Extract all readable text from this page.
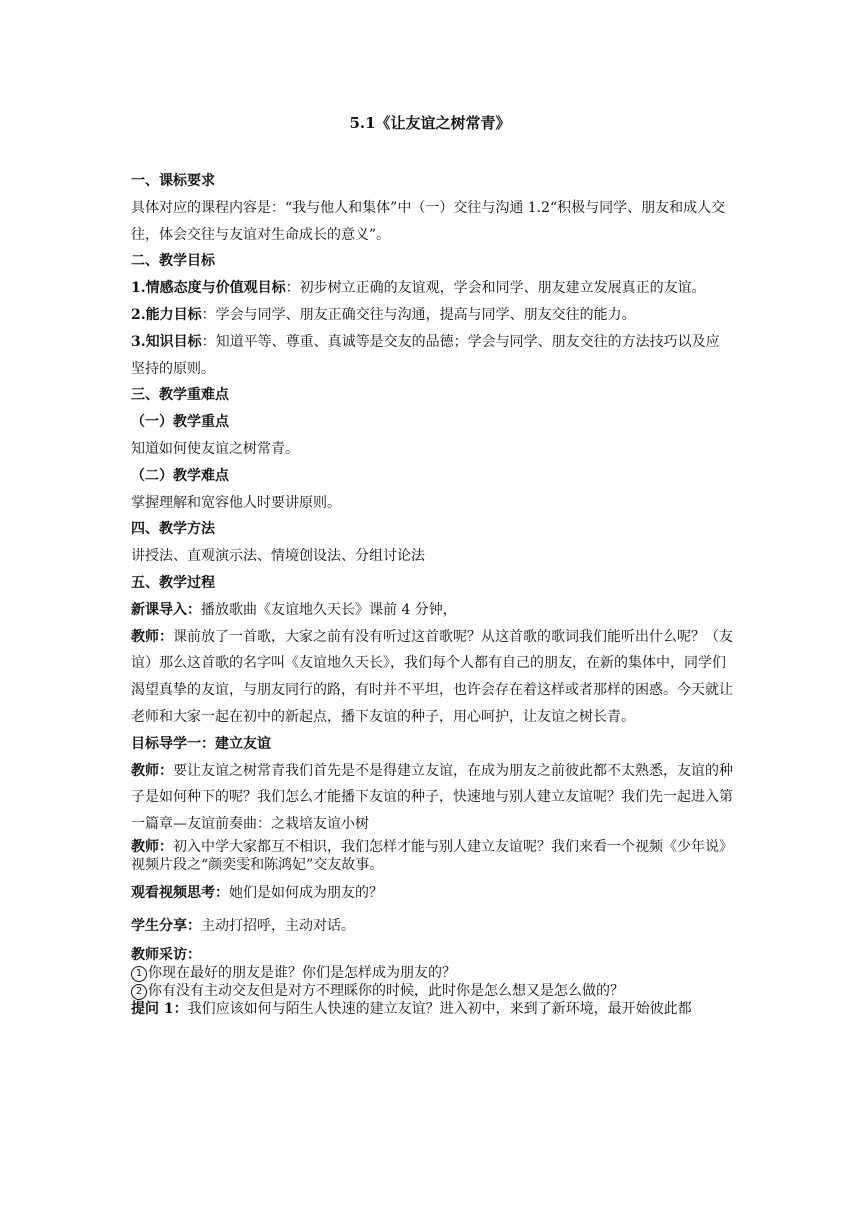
5.1《让友谊之树常青》

一、课标要求

具体对应的课程内容是：“我与他人和集体”中（一）交往与沟通 1.2“积极与同学、朋友和成人交往，体会交往与友谊对生命成长的意义”。

二、教学目标

1.情感态度与价值观目标：初步树立正确的友谊观，学会和同学、朋友建立发展真正的友谊。

2.能力目标：学会与同学、朋友正确交往与沟通，提高与同学、朋友交往的能力。

3.知识目标：知道平等、尊重、真诚等是交友的品德；学会与同学、朋友交往的方法技巧以及应坚持的原则。

三、教学重难点

（一）教学重点

知道如何使友谊之树常青。

（二）教学难点

掌握理解和宽容他人时要讲原则。

四、教学方法

讲授法、直观演示法、情境创设法、分组讨论法

五、教学过程

新课导入：播放歌曲《友谊地久天长》课前 4 分钟，

教师：课前放了一首歌，大家之前有没有听过这首歌呢？从这首歌的歌词我们能听出什么呢？（友谊）那么这首歌的名字叫《友谊地久天长》，我们每个人都有自己的朋友，在新的集体中，同学们渴望真挚的友谊，与朋友同行的路，有时并不平坦，也许会存在着这样或者那样的困惑。今天就让老师和大家一起在初中的新起点，播下友谊的种子，用心呵护，让友谊之树长青。

目标导学一：建立友谊

教师：要让友谊之树常青我们首先是不是得建立友谊，在成为朋友之前彼此都不太熟悉，友谊的种子是如何种下的呢？我们怎么才能播下友谊的种子，快速地与别人建立友谊呢？我们先一起进入第一篇章—友谊前奏曲：之栽培友谊小树

教师：初入中学大家都互不相识，我们怎样才能与别人建立友谊呢？我们来看一个视频《少年说》视频片段之“颜奕雯和陈鸿妃”交友故事。

观看视频思考：她们是如何成为朋友的？

学生分享：主动打招呼，主动对话。

教师采访：

1 你现在最好的朋友是谁？你们是怎样成为朋友的？

2 你有没有主动交友但是对方不理睬你的时候，此时你是怎么想又是怎么做的？

提问 1：我们应该如何与陌生人快速的建立友谊？进入初中，来到了新环境，最开始彼此都
